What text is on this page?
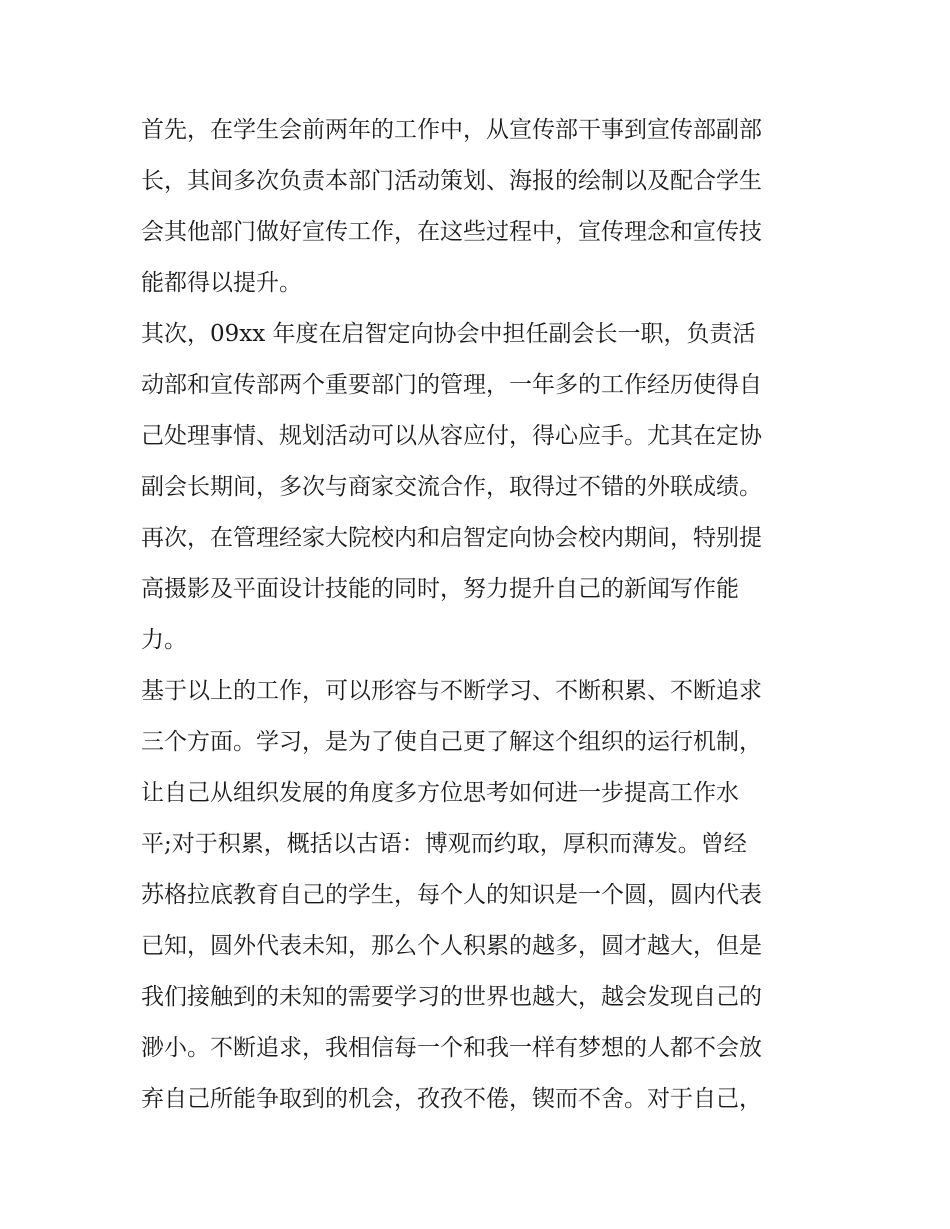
首先，在学生会前两年的工作中，从宣传部干事到宣传部副部
长，其间多次负责本部门活动策划、海报的绘制以及配合学生
会其他部门做好宣传工作，在这些过程中，宣传理念和宣传技
能都得以提升。
其次，09xx 年度在启智定向协会中担任副会长一职，负责活
动部和宣传部两个重要部门的管理，一年多的工作经历使得自
己处理事情、规划活动可以从容应付，得心应手。尤其在定协
副会长期间，多次与商家交流合作，取得过不错的外联成绩。
再次，在管理经家大院校内和启智定向协会校内期间，特别提
高摄影及平面设计技能的同时，努力提升自己的新闻写作能
力。
基于以上的工作，可以形容与不断学习、不断积累、不断追求
三个方面。学习，是为了使自己更了解这个组织的运行机制，
让自己从组织发展的角度多方位思考如何进一步提高工作水
平;对于积累，概括以古语：博观而约取，厚积而薄发。曾经
苏格拉底教育自己的学生，每个人的知识是一个圆，圆内代表
已知，圆外代表未知，那么个人积累的越多，圆才越大，但是
我们接触到的未知的需要学习的世界也越大，越会发现自己的
渺小。不断追求，我相信每一个和我一样有梦想的人都不会放
弃自己所能争取到的机会，孜孜不倦，锲而不舍。对于自己，
